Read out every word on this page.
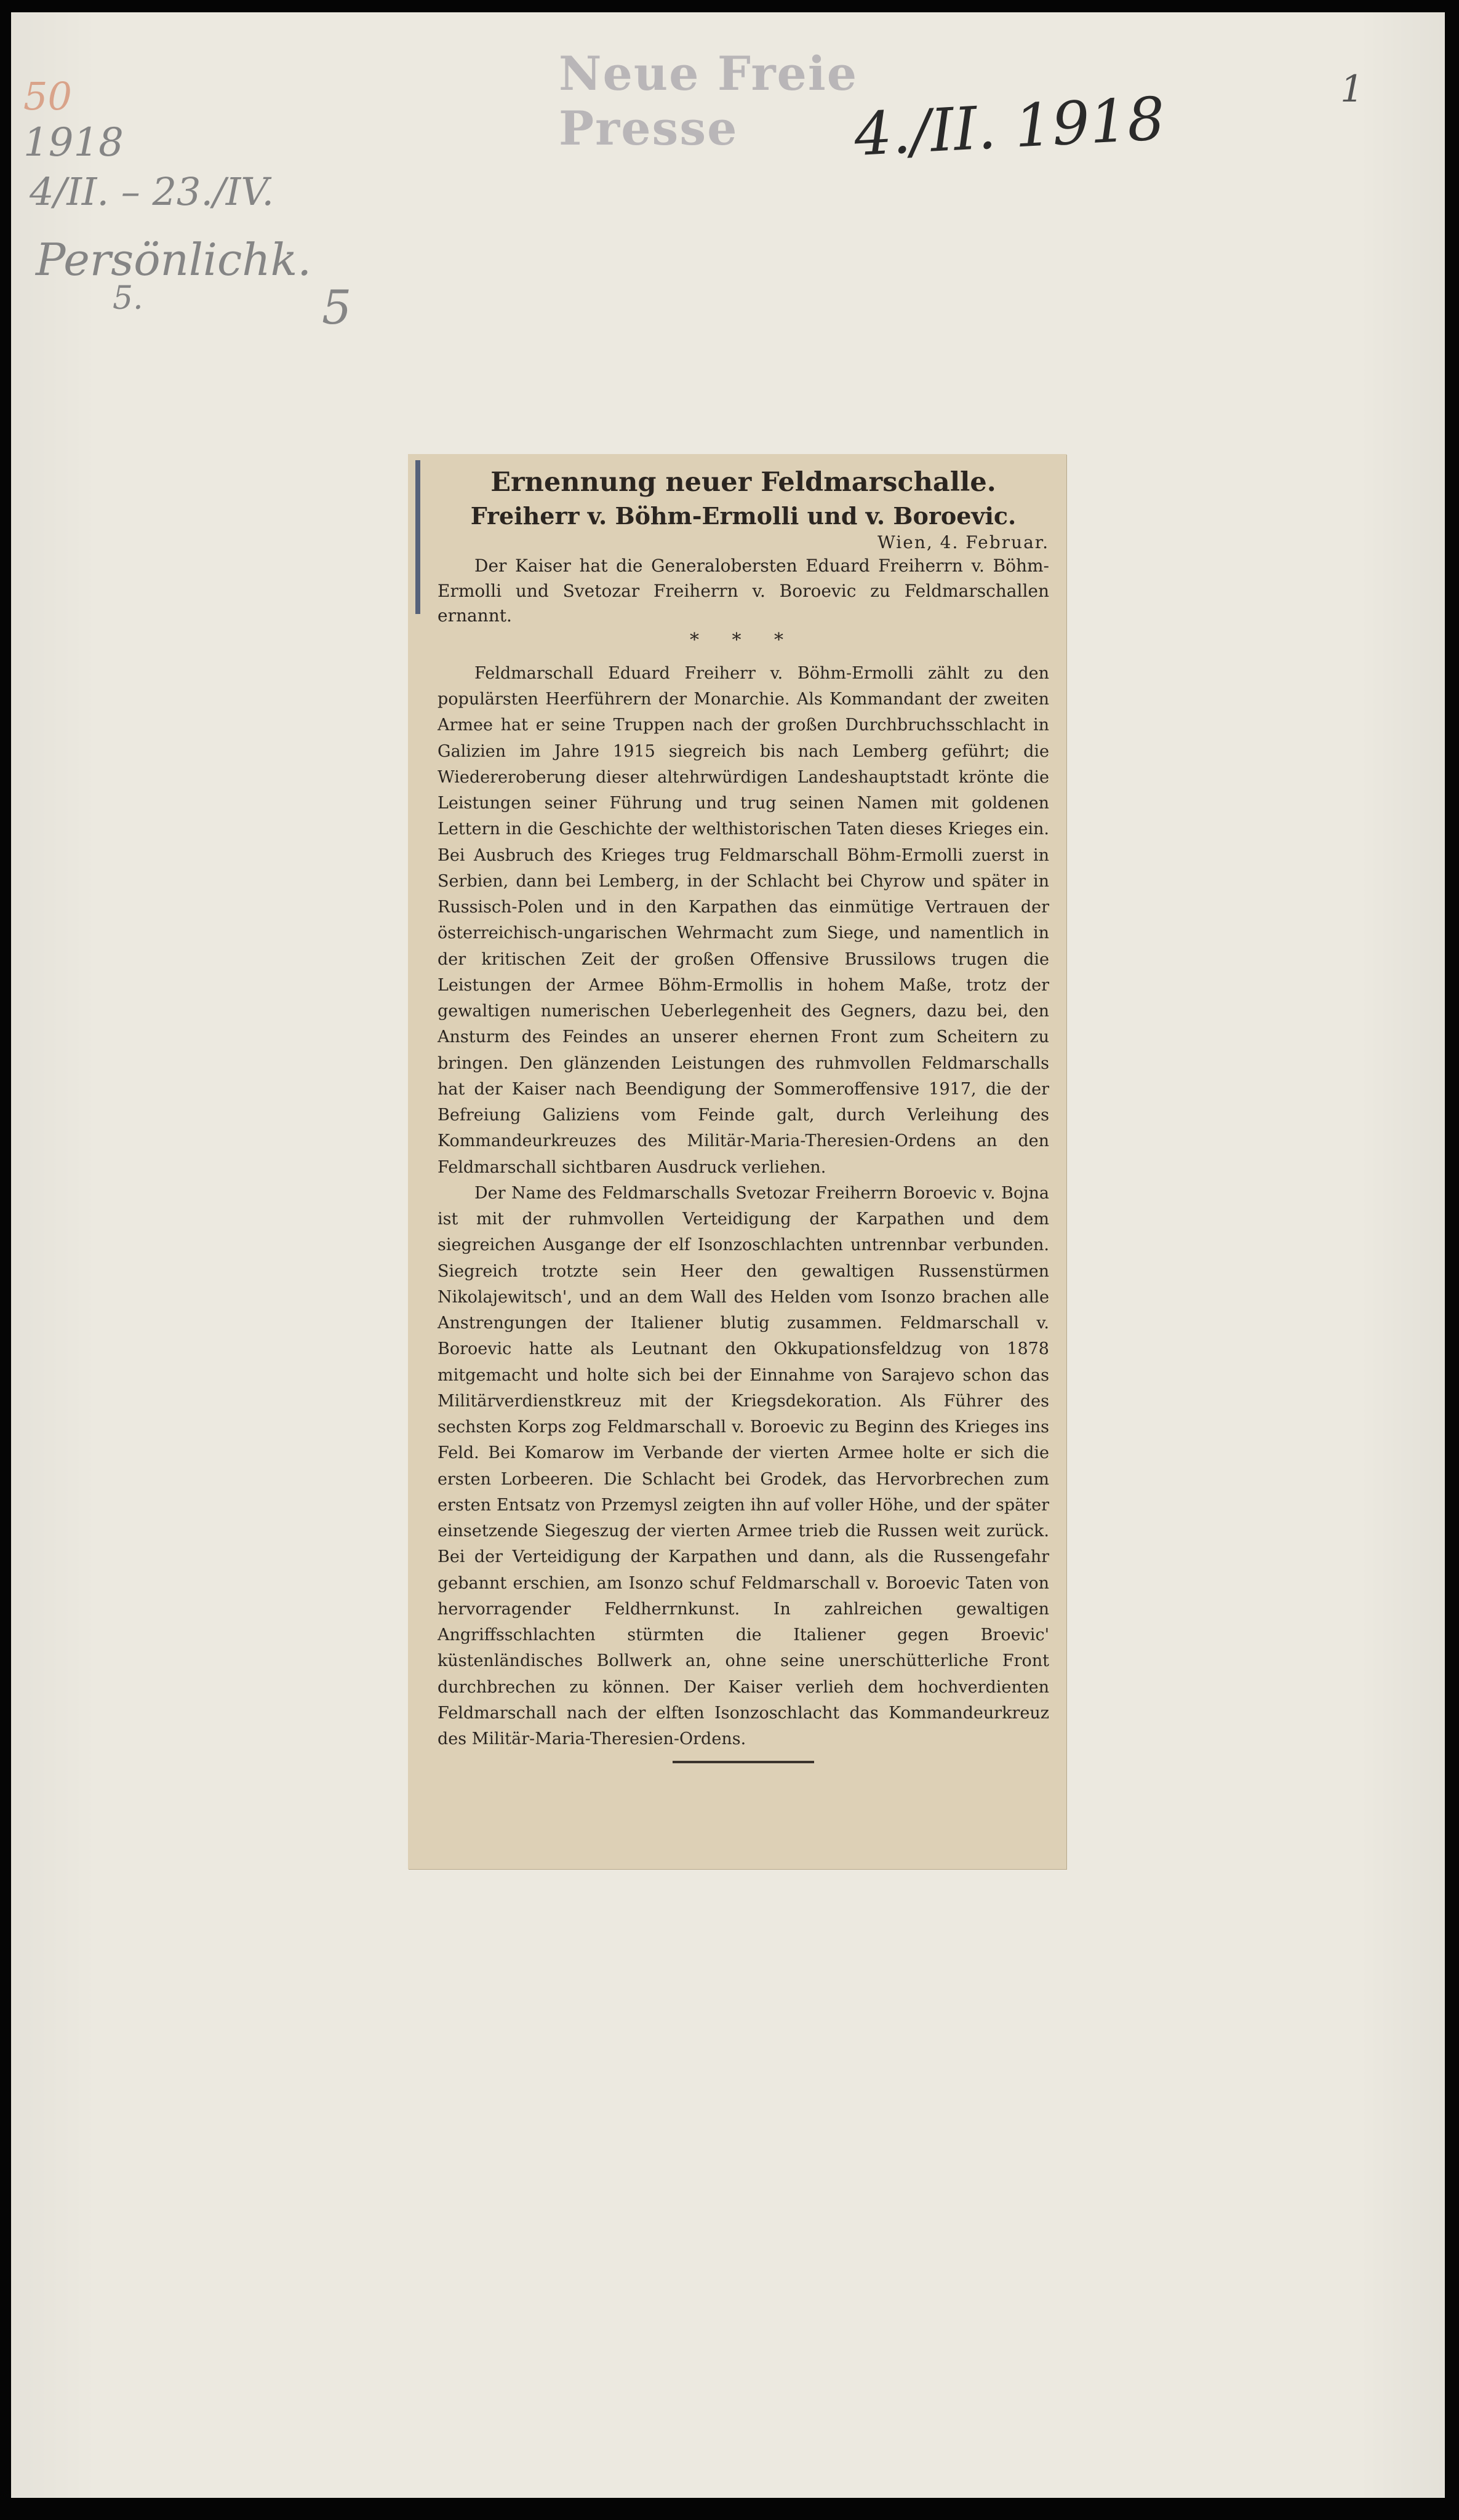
Neue Freie Presse	4./II. 1918	1
50
1918
4/II. – 23./IV.
Persönlichk.
5.	5
Ernennung neuer Feldmarschalle.
Freiherr v. Böhm-Ermolli und v. Boroevic.
Wien, 4. Februar.

Der Kaiser hat die Generalobersten Eduard Freiherrn v. Böhm-Ermolli und Svetozar Freiherrn v. Boroevic zu Feldmarschallen ernannt.

* * *

Feldmarschall Eduard Freiherr v. Böhm-Ermolli zählt zu den populärsten Heerführern der Monarchie. Als Kommandant der zweiten Armee hat er seine Truppen nach der großen Durchbruchsschlacht in Galizien im Jahre 1915 siegreich bis nach Lemberg geführt; die Wiedereroberung dieser altehrwürdigen Landeshauptstadt krönte die Leistungen seiner Führung und trug seinen Namen mit goldenen Lettern in die Geschichte der welthistorischen Taten dieses Krieges ein. Bei Ausbruch des Krieges trug Feldmarschall Böhm-Ermolli zuerst in Serbien, dann bei Lemberg, in der Schlacht bei Chyrow und später in Russisch-Polen und in den Karpathen das einmütige Vertrauen der österreichisch-ungarischen Wehrmacht zum Siege, und namentlich in der kritischen Zeit der großen Offensive Brussilows trugen die Leistungen der Armee Böhm-Ermollis in hohem Maße, trotz der gewaltigen numerischen Ueberlegenheit des Gegners, dazu bei, den Ansturm des Feindes an unserer ehernen Front zum Scheitern zu bringen. Den glänzenden Leistungen des ruhmvollen Feldmarschalls hat der Kaiser nach Beendigung der Sommeroffensive 1917, die der Befreiung Galiziens vom Feinde galt, durch Verleihung des Kommandeurkreuzes des Militär-Maria-Theresien-Ordens an den Feldmarschall sichtbaren Ausdruck verliehen.

Der Name des Feldmarschalls Svetozar Freiherrn Boroevic v. Bojna ist mit der ruhmvollen Verteidigung der Karpathen und dem siegreichen Ausgange der elf Isonzoschlachten untrennbar verbunden. Siegreich trotzte sein Heer den gewaltigen Russenstürmen Nikolajewitsch', und an dem Wall des Helden vom Isonzo brachen alle Anstrengungen der Italiener blutig zusammen. Feldmarschall v. Boroevic hatte als Leutnant den Okkupationsfeldzug von 1878 mitgemacht und holte sich bei der Einnahme von Sarajevo schon das Militärverdienstkreuz mit der Kriegsdekoration. Als Führer des sechsten Korps zog Feldmarschall v. Boroevic zu Beginn des Krieges ins Feld. Bei Komarow im Verbande der vierten Armee holte er sich die ersten Lorbeeren. Die Schlacht bei Grodek, das Hervorbrechen zum ersten Entsatz von Przemysl zeigten ihn auf voller Höhe, und der später einsetzende Siegeszug der vierten Armee trieb die Russen weit zurück. Bei der Verteidigung der Karpathen und dann, als die Russengefahr gebannt erschien, am Isonzo schuf Feldmarschall v. Boroevic Taten von hervorragender Feldherrnkunst. In zahlreichen gewaltigen Angriffsschlachten stürmten die Italiener gegen Broevic' küstenländisches Bollwerk an, ohne seine unerschütterliche Front durchbrechen zu können. Der Kaiser verlieh dem hochverdienten Feldmarschall nach der elften Isonzoschlacht das Kommandeurkreuz des Militär-Maria-Theresien-Ordens.
